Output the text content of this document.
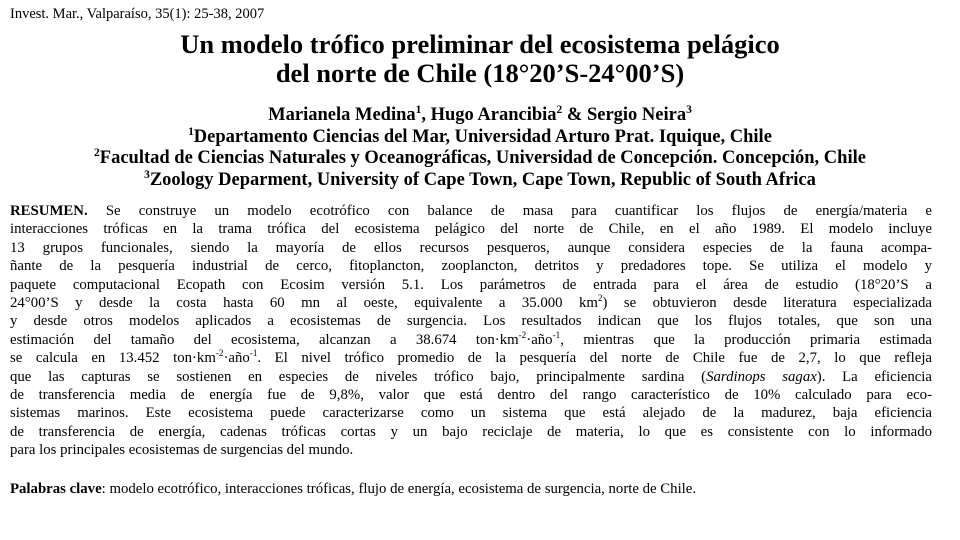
Invest. Mar., Valparaíso, 35(1): 25-38, 2007
Un modelo trófico preliminar del ecosistema pelágico
del norte de Chile (18°20’S-24°00’S)
Marianela Medina$^1$, Hugo Arancibia$^2$ & Sergio Neira$^3$
$^1$Departamento Ciencias del Mar, Universidad Arturo Prat. Iquique, Chile
$^2$Facultad de Ciencias Naturales y Oceanográficas, Universidad de Concepción. Concepción, Chile
$^3$Zoology Deparment, University of Cape Town, Cape Town, Republic of South Africa
RESUMEN. Se construye un modelo ecotrófico con balance de masa para cuantificar los flujos de energía/materia e
interacciones tróficas en la trama trófica del ecosistema pelágico del norte de Chile, en el año 1989. El modelo incluye
13 grupos funcionales, siendo la mayoría de ellos recursos pesqueros, aunque considera especies de la fauna acompa-
ñante de la pesquería industrial de cerco, fitoplancton, zooplancton, detritos y predadores tope. Se utiliza el modelo y
paquete computacional Ecopath con Ecosim versión 5.1. Los parámetros de entrada para el área de estudio (18°20’S a
24°00’S y desde la costa hasta 60 mn al oeste, equivalente a 35.000 $km^2$) se obtuvieron desde literatura especializada
y desde otros modelos aplicados a ecosistemas de surgencia. Los resultados indican que los flujos totales, que son una
estimación del tamaño del ecosistema, alcanzan a 38.674 $ton\cdot km^{-2}\cdot año^{-1}$, mientras que la producción primaria estimada
se calcula en 13.452 $ton\cdot km^{-2}\cdot año^{-1}$. El nivel trófico promedio de la pesquería del norte de Chile fue de 2,7, lo que refleja
que las capturas se sostienen en especies de niveles trófico bajo, principalmente sardina (Sardinops sagax). La eficiencia
de transferencia media de energía fue de 9,8%, valor que está dentro del rango característico de 10% calculado para eco-
sistemas marinos. Este ecosistema puede caracterizarse como un sistema que está alejado de la madurez, baja eficiencia
de transferencia de energía, cadenas tróficas cortas y un bajo reciclaje de materia, lo que es consistente con lo informado
para los principales ecosistemas de surgencias del mundo.
Palabras clave: modelo ecotrófico, interacciones tróficas, flujo de energía, ecosistema de surgencia, norte de Chile.
